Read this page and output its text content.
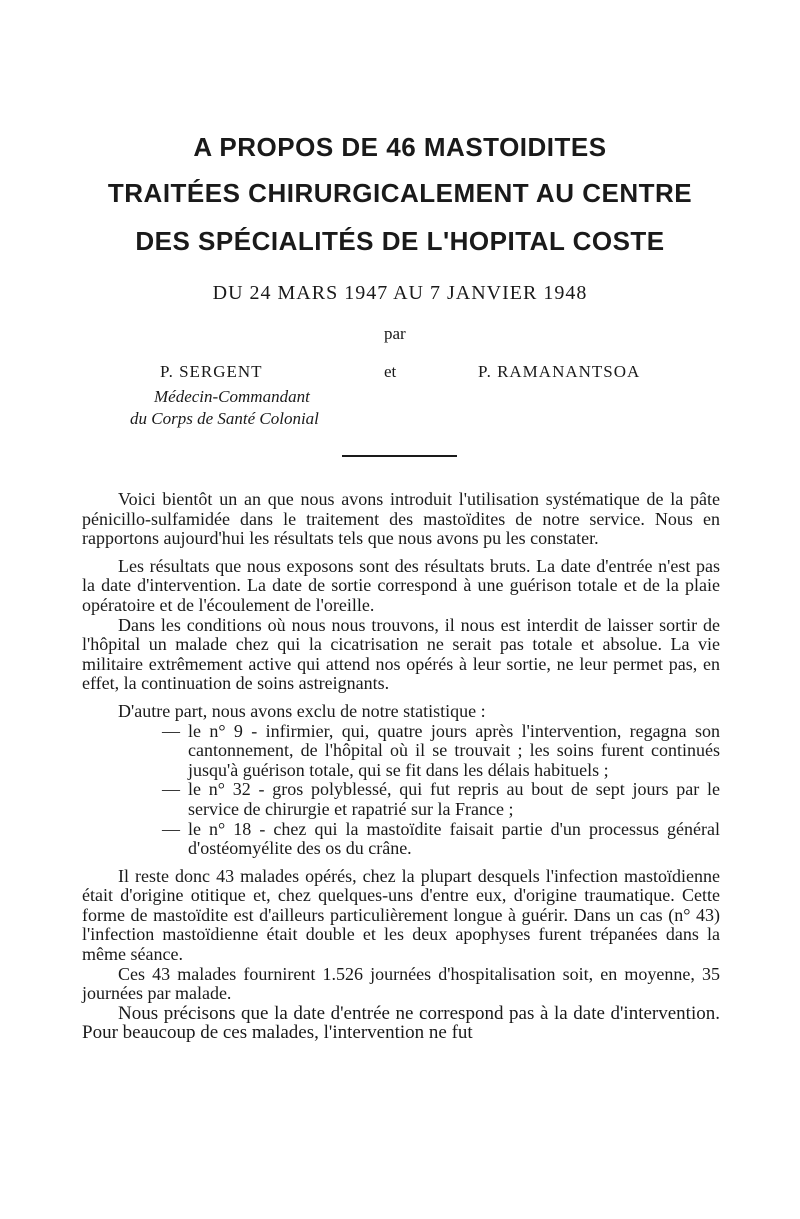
A PROPOS DE 46 MASTOIDITES
TRAITÉES CHIRURGICALEMENT AU CENTRE
DES SPÉCIALITÉS DE L'HOPITAL COSTE
DU 24 MARS 1947 AU 7 JANVIER 1948
par
P. SERGENT	et	P. RAMANANTSOA
Médecin-Commandant
du Corps de Santé Colonial

Voici bientôt un an que nous avons introduit l'utilisation systématique de la pâte pénicillo-sulfamidée dans le traitement des mastoïdites de notre service. Nous en rapportons aujourd'hui les résultats tels que nous avons pu les constater.

Les résultats que nous exposons sont des résultats bruts. La date d'entrée n'est pas la date d'intervention. La date de sortie correspond à une guérison totale et de la plaie opératoire et de l'écoulement de l'oreille.

Dans les conditions où nous nous trouvons, il nous est interdit de laisser sortir de l'hôpital un malade chez qui la cicatrisation ne serait pas totale et absolue. La vie militaire extrêmement active qui attend nos opérés à leur sortie, ne leur permet pas, en effet, la continuation de soins astreignants.

D'autre part, nous avons exclu de notre statistique :

— le n° 9 - infirmier, qui, quatre jours après l'intervention, regagna son cantonnement, de l'hôpital où il se trouvait ; les soins furent continués jusqu'à guérison totale, qui se fit dans les délais habituels ;
— le n° 32 - gros polyblessé, qui fut repris au bout de sept jours par le service de chirurgie et rapatrié sur la France ;
— le n° 18 - chez qui la mastoïdite faisait partie d'un processus général d'ostéomyélite des os du crâne.

Il reste donc 43 malades opérés, chez la plupart desquels l'infection mastoïdienne était d'origine otitique et, chez quelques-uns d'entre eux, d'origine traumatique. Cette forme de mastoïdite est d'ailleurs particulièrement longue à guérir. Dans un cas (n° 43) l'infection mastoïdienne était double et les deux apophyses furent trépanées dans la même séance.

Ces 43 malades fournirent 1.526 journées d'hospitalisation soit, en moyenne, 35 journées par malade.

Nous précisons que la date d'entrée ne correspond pas à la date d'intervention. Pour beaucoup de ces malades, l'intervention ne fut
